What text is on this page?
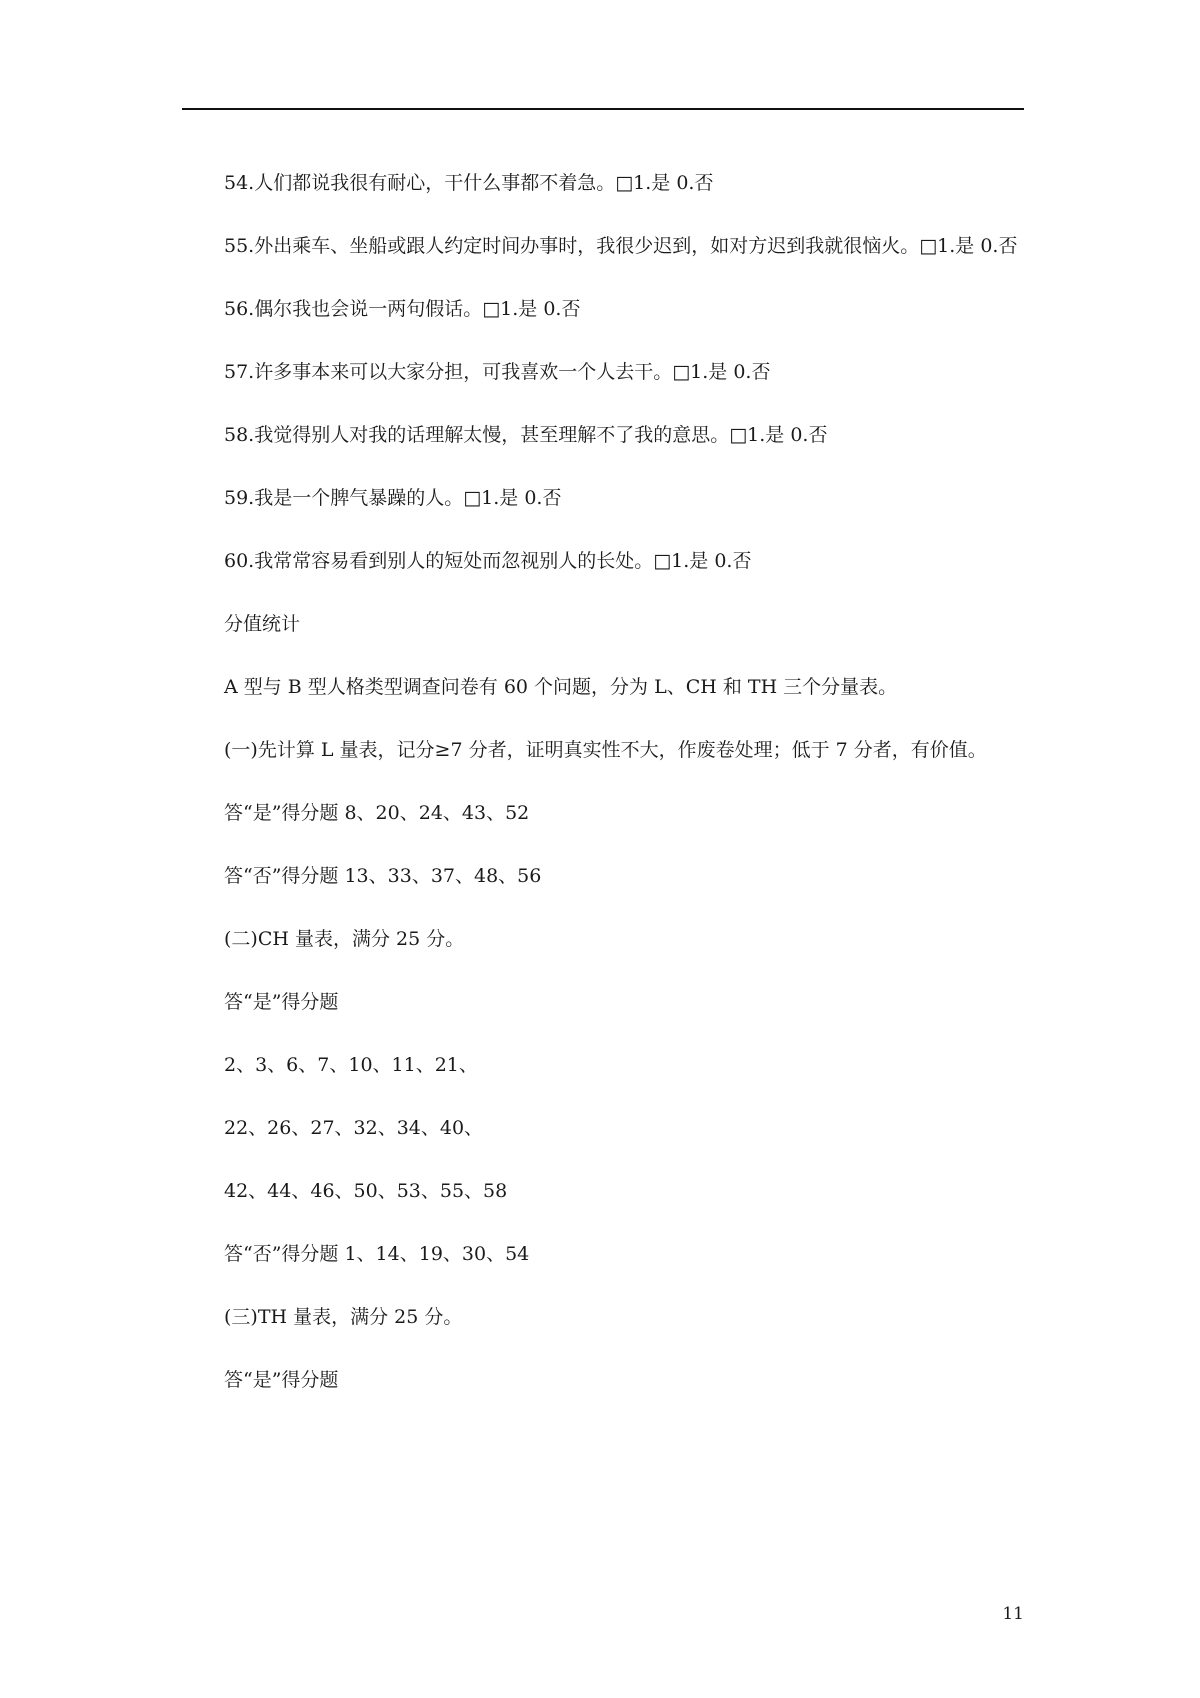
54.人们都说我很有耐心，干什么事都不着急。□1.是 0.否

55.外出乘车、坐船或跟人约定时间办事时，我很少迟到，如对方迟到我就很恼火。□1.是 0.否

56.偶尔我也会说一两句假话。□1.是 0.否

57.许多事本来可以大家分担，可我喜欢一个人去干。□1.是 0.否

58.我觉得别人对我的话理解太慢，甚至理解不了我的意思。□1.是 0.否

59.我是一个脾气暴躁的人。□1.是 0.否

60.我常常容易看到别人的短处而忽视别人的长处。□1.是 0.否

分值统计

A 型与 B 型人格类型调查问卷有 60 个问题，分为 L、CH 和 TH 三个分量表。

(一)先计算 L 量表，记分≥7 分者，证明真实性不大，作废卷处理；低于 7 分者，有价值。

答“是”得分题 8、20、24、43、52

答“否”得分题 13、33、37、48、56

(二)CH 量表，满分 25 分。

答“是”得分题

2、3、6、7、10、11、21、

22、26、27、32、34、40、

42、44、46、50、53、55、58

答“否”得分题 1、14、19、30、54

(三)TH 量表，满分 25 分。

答“是”得分题

11
